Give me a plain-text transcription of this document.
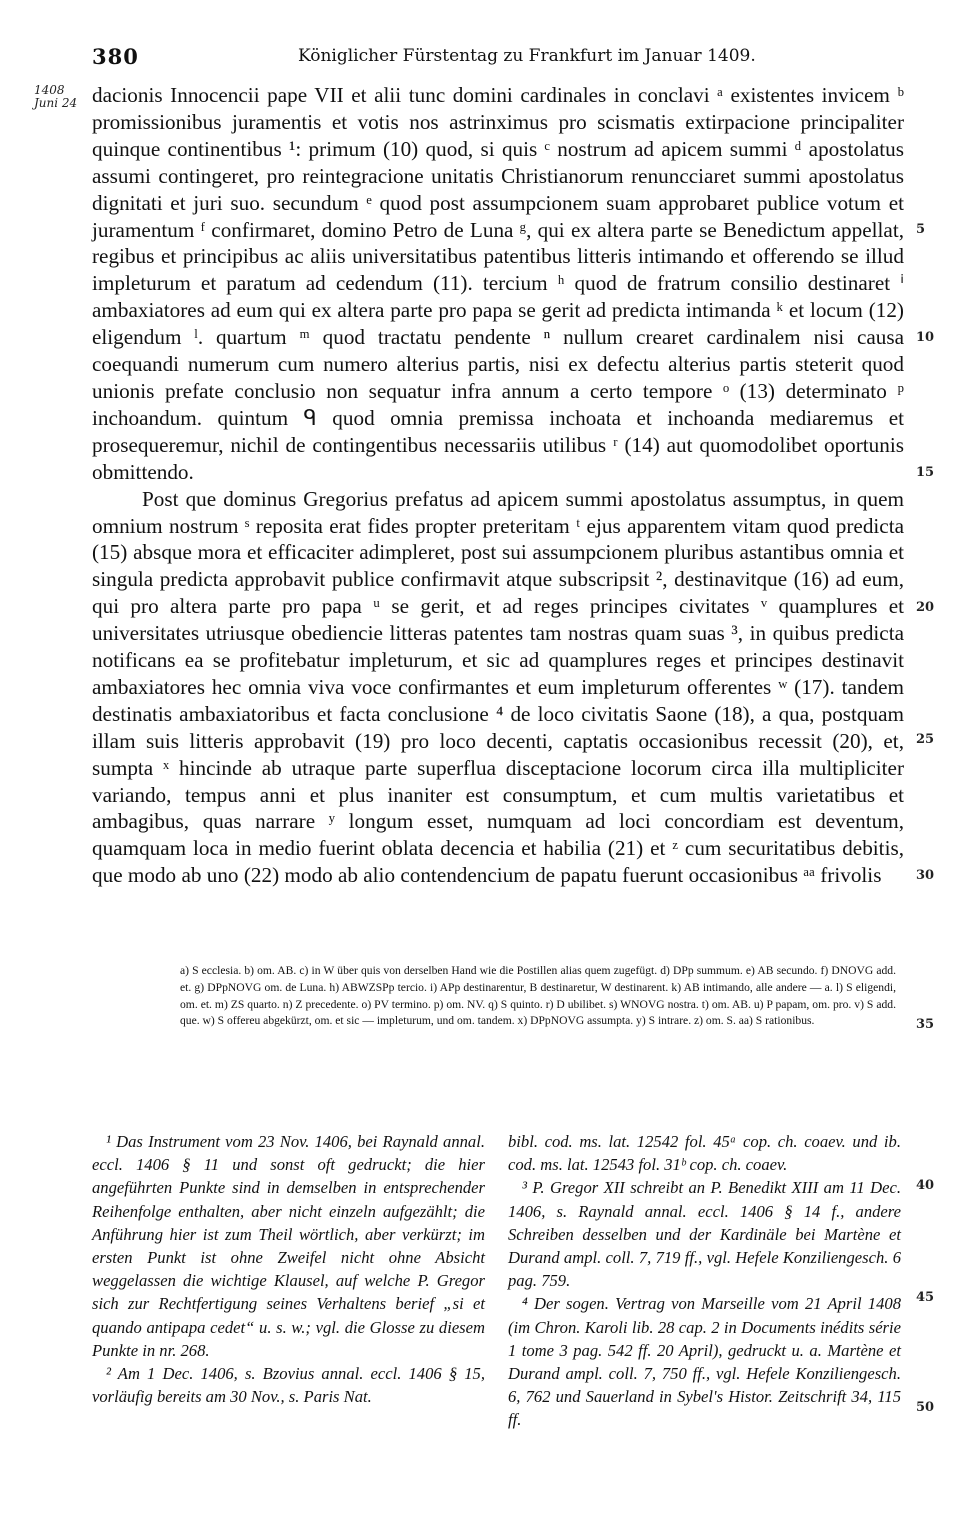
380	Königlicher Fürstentag zu Frankfurt im Januar 1409.
1408
Juni 24 dacionis Innocencii pape VII et alii tunc domini cardinales in conclavi ᵃ existentes invicem ᵇ promissionibus juramentis et votis nos astrinximus pro scismatis extirpacione principaliter quinque continentibus ¹: primum (10) quod, si quis ᶜ nostrum ad apicem summi ᵈ apostolatus assumi contingeret, pro reintegracione unitatis Christianorum renuncciaret summi apostolatus dignitati et juri suo. secundum ᵉ quod post assumpcionem suam approbaret publice votum et juramentum ᶠ confirmaret, domino Petro de Luna ᵍ, qui ex altera parte se Benedictum appellat, regibus et principibus ac aliis universitatibus patentibus litteris intimando et offerendo se illud impleturum et paratum ad cedendum (11). tercium ʰ quod de fratrum consilio destinaret ⁱ ambaxiatores ad eum qui ex altera parte pro papa se gerit ad predicta intimanda ᵏ et locum (12) eligendum ˡ. quartum ᵐ quod tractatu pendente ⁿ nullum crearet cardinalem nisi causa coequandi numerum cum numero alterius partis, nisi ex defectu alterius partis steterit quod unionis prefate conclusio non sequatur infra annum a certo tempore ᵒ (13) determinato ᵖ inchoandum. quintum ᑫ quod omnia premissa inchoata et inchoanda mediaremus et prosequeremur, nichil de contingentibus necessariis utilibus ʳ (14) aut quomodolibet oportunis obmittendo.

Post que dominus Gregorius prefatus ad apicem summi apostolatus assumptus, in quem omnium nostrum ˢ reposita erat fides propter preteritam ᵗ ejus apparentem vitam quod predicta (15) absque mora et efficaciter adimpleret, post sui assumpcionem pluribus astantibus omnia et singula predicta approbavit publice confirmavit atque subscripsit ², destinavitque (16) ad eum, qui pro altera parte pro papa ᵘ se gerit, et ad reges principes civitates ᵛ quamplures et universitates utriusque obediencie litteras patentes tam nostras quam suas ³, in quibus predicta notificans ea se profitebatur impleturum, et sic ad quamplures reges et principes destinavit ambaxiatores hec omnia viva voce confirmantes et eum impleturum offerentes ʷ (17). tandem destinatis ambaxiatoribus et facta conclusione ⁴ de loco civitatis Saone (18), a qua, postquam illam suis litteris approbavit (19) pro loco decenti, captatis occasionibus recessit (20), et, sumpta ˣ hincinde ab utraque parte superflua disceptacione locorum circa illa multipliciter variando, tempus anni et plus inaniter est consumptum, et cum multis varietatibus et ambagibus, quas narrare ʸ longum esset, numquam ad loci concordiam est deventum, quamquam loca in medio fuerint oblata decencia et habilia (21) et ᶻ cum securitatibus debitis, que modo ab uno (22) modo ab alio contendencium de papatu fuerunt occasionibus ᵃᵃ frivolis

5
10
15
20
25
30
35
40
45
50
a) S ecclesia. b) om. AB. c) in W über quis von derselben Hand wie die Postillen alias quem zugefügt. d) DPp summum. e) AB secundo. f) DNOVG add. et. g) DPpNOVG om. de Luna. h) ABWZSPp tercio. i) APp destinarentur, B destinaretur, W destinarent. k) AB intimando, alle andere — a. l) S eligendi, om. et. m) ZS quarto. n) Z precedente. o) PV termino. p) om. NV. q) S quinto. r) D ubilibet. s) WNOVG nostra. t) om. AB. u) P papam, om. pro. v) S add. que. w) S offereu abgekürzt, om. et sic — impleturum, und om. tandem. x) DPpNOVG assumpta. y) S intrare. z) om. S. aa) S rationibus.

¹ Das Instrument vom 23 Nov. 1406, bei Raynald annal. eccl. 1406 § 11 und sonst oft gedruckt; die hier angeführten Punkte sind in demselben in entsprechender Reihenfolge enthalten, aber nicht einzeln aufgezählt; die Anführung hier ist zum Theil wörtlich, aber verkürzt; im ersten Punkt ist ohne Zweifel nicht ohne Absicht weggelassen die wichtige Klausel, auf welche P. Gregor sich zur Rechtfertigung seines Verhaltens berief „si et quando antipapa cedet“ u. s. w.; vgl. die Glosse zu diesem Punkte in nr. 268.

² Am 1 Dec. 1406, s. Bzovius annal. eccl. 1406 § 15, vorläufig bereits am 30 Nov., s. Paris Nat.

bibl. cod. ms. lat. 12542 fol. 45ᵃ cop. ch. coaev. und ib. cod. ms. lat. 12543 fol. 31ᵇ cop. ch. coaev.

³ P. Gregor XII schreibt an P. Benedikt XIII am 11 Dec. 1406, s. Raynald annal. eccl. 1406 § 14 f., andere Schreiben desselben und der Kardinäle bei Martène et Durand ampl. coll. 7, 719 ff., vgl. Hefele Konziliengesch. 6 pag. 759.

⁴ Der sogen. Vertrag von Marseille vom 21 April 1408 (im Chron. Karoli lib. 28 cap. 2 in Documents inédits série 1 tome 3 pag. 542 ff. 20 April), gedruckt u. a. Martène et Durand ampl. coll. 7, 750 ff., vgl. Hefele Konziliengesch. 6, 762 und Sauerland in Sybel's Histor. Zeitschrift 34, 115 ff.
